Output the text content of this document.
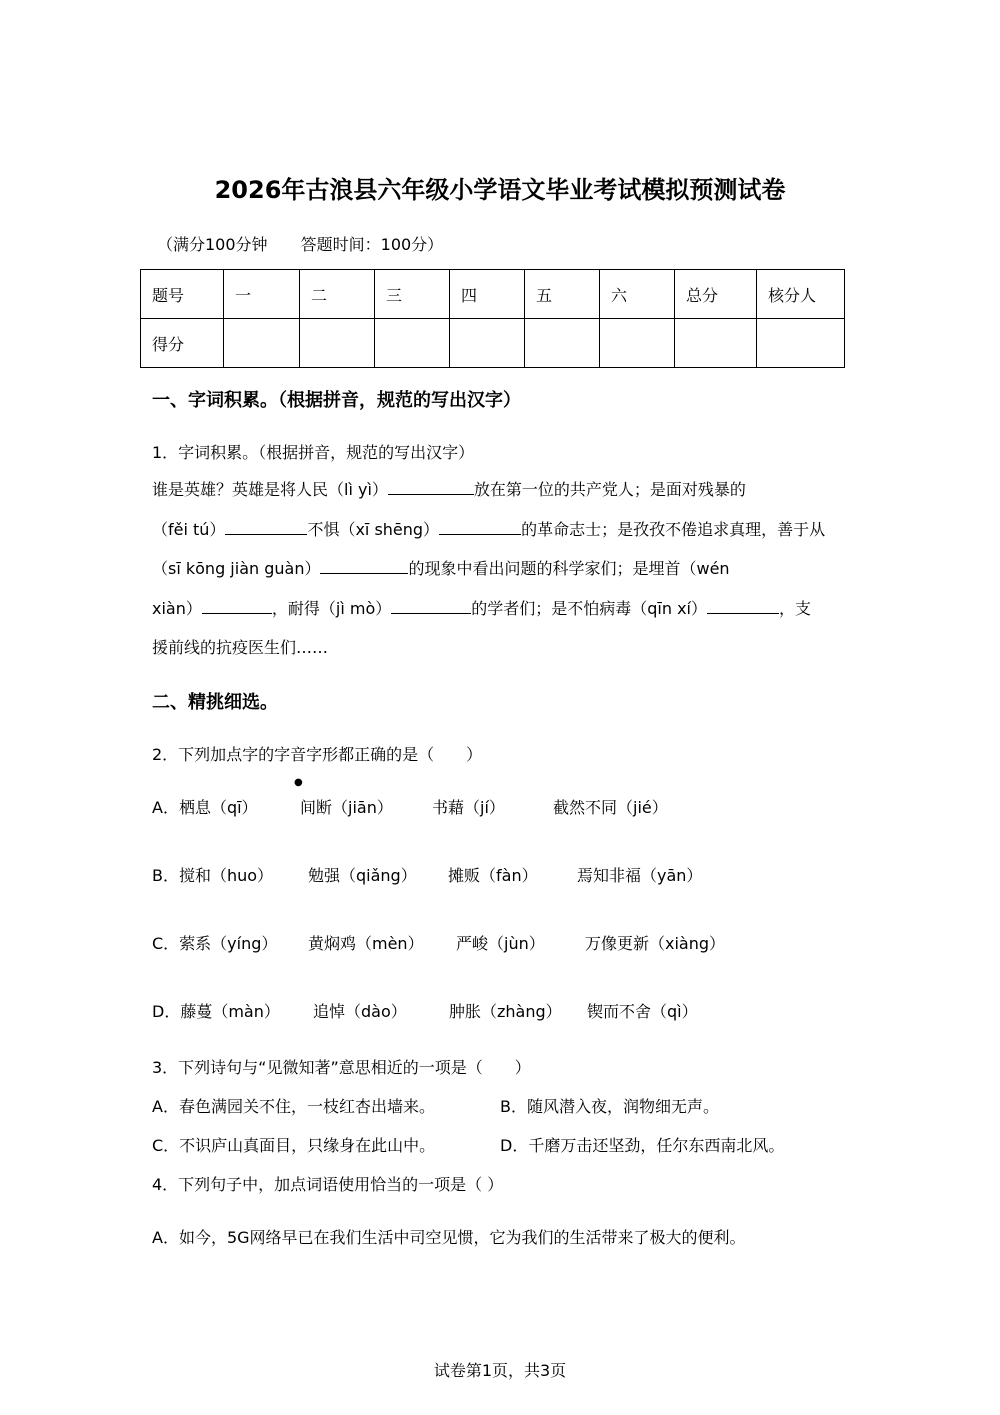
2026年古浪县六年级小学语文毕业考试模拟预测试卷
（满分100分钟 答题时间：100分）
题号	一	二	三	四	五	六	总分	核分人
得分								
一、字词积累。（根据拼音，规范的写出汉字）
1．字词积累。（根据拼音，规范的写出汉字）
谁是英雄？英雄是将人民（lì yì）	放在第一位的共产党人；是面对残暴的
（fěi tú）	不惧（xī shēng）	的革命志士；是孜孜不倦追求真理，善于从
（sī kōng jiàn guàn）	的现象中看出问题的科学家们；是埋首（wén
xiàn）	，耐得（jì mò）	的学者们；是不怕病毒（qīn xí）	，支
援前线的抗疫医生们……
二、精挑细选。
2．下列加点字的字音字形都正确的是（　　）
●
A．栖息（qī）	间断（jiān） 书藉（jí）	截然不同（jié）
B．搅和（huo） 勉强（qiǎng） 摊贩（fàn） 焉知非福（yān）
C．萦系（yíng） 黄焖鸡（mèn） 严峻（jùn）	万像更新（xiàng）
D．藤蔓（màn） 追悼（dào）	肿胀（zhàng） 锲而不舍（qì）
3．下列诗句与“见微知著”意思相近的一项是（　　）
A．春色满园关不住，一枝红杏出墙来。	B．随风潜入夜，润物细无声。
C．不识庐山真面目，只缘身在此山中。	D．千磨万击还坚劲，任尔东西南北风。
4．下列句子中，加点词语使用恰当的一项是（ ）
A．如今，5G网络早已在我们生活中司空见惯，它为我们的生活带来了极大的便利。
试卷第1页，共3页
